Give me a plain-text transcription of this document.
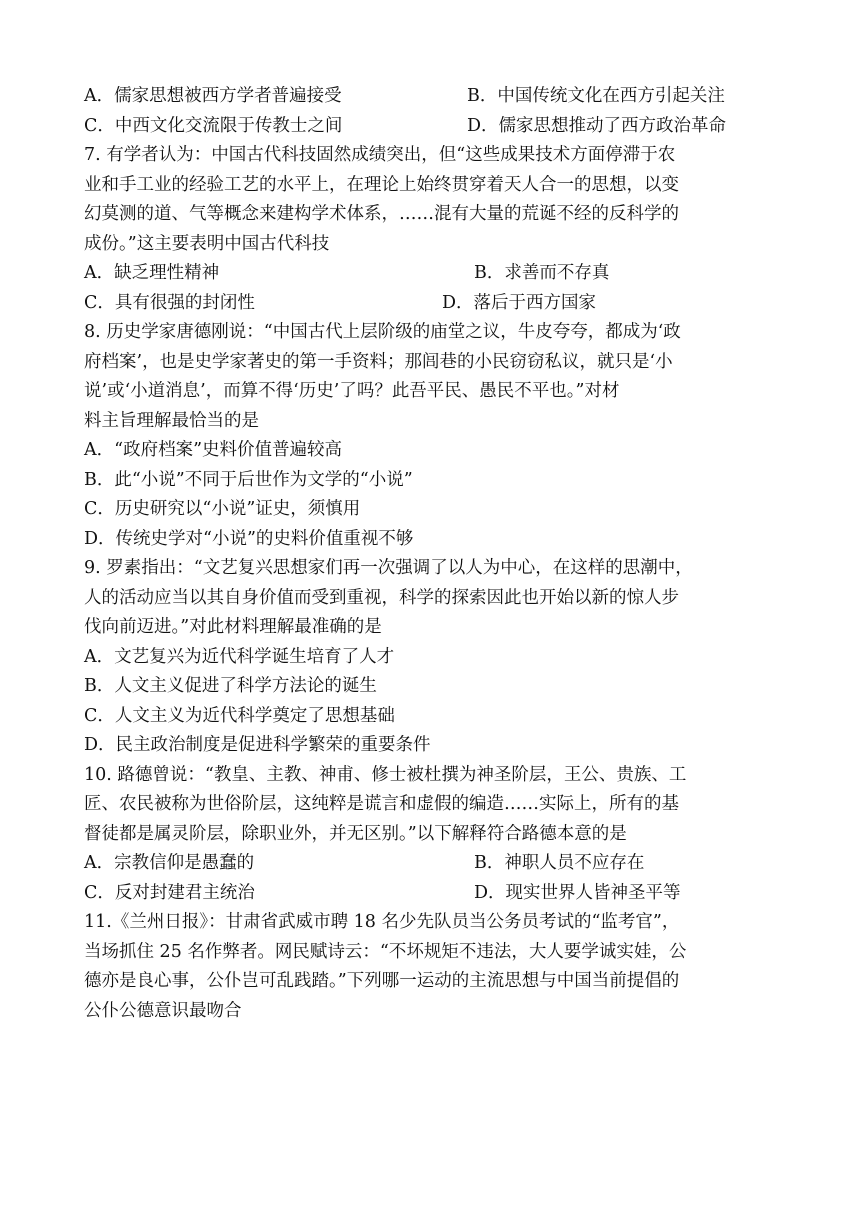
A．儒家思想被西方学者普遍接受	B．中国传统文化在西方引起关注
C．中西文化交流限于传教士之间	D．儒家思想推动了西方政治革命
7. 有学者认为：中国古代科技固然成绩突出，但“这些成果技术方面停滞于农
业和手工业的经验工艺的水平上，在理论上始终贯穿着天人合一的思想，以变
幻莫测的道、气等概念来建构学术体系，……混有大量的荒诞不经的反科学的
成份。”这主要表明中国古代科技
A．缺乏理性精神	B．求善而不存真
C．具有很强的封闭性	D．落后于西方国家
8. 历史学家唐德刚说：“中国古代上层阶级的庙堂之议，牛皮夸夸，都成为‘政
府档案’，也是史学家著史的第一手资料；那闾巷的小民窃窃私议，就只是‘小
说’或‘小道消息’，而算不得‘历史’了吗？此吾平民、愚民不平也。”对材
料主旨理解最恰当的是
A．“政府档案”史料价值普遍较高
B．此“小说”不同于后世作为文学的“小说”
C．历史研究以“小说”证史，须慎用
D．传统史学对“小说”的史料价值重视不够
9. 罗素指出：“文艺复兴思想家们再一次强调了以人为中心，在这样的思潮中，
人的活动应当以其自身价值而受到重视，科学的探索因此也开始以新的惊人步
伐向前迈进。”对此材料理解最准确的是
A．文艺复兴为近代科学诞生培育了人才
B．人文主义促进了科学方法论的诞生
C．人文主义为近代科学奠定了思想基础
D．民主政治制度是促进科学繁荣的重要条件
10. 路德曾说：“教皇、主教、神甫、修士被杜撰为神圣阶层，王公、贵族、工
匠、农民被称为世俗阶层，这纯粹是谎言和虚假的编造……实际上，所有的基
督徒都是属灵阶层，除职业外，并无区别。”以下解释符合路德本意的是
A．宗教信仰是愚蠢的	B．神职人员不应存在
C．反对封建君主统治	D．现实世界人皆神圣平等
11.《兰州日报》：甘肃省武威市聘 18 名少先队员当公务员考试的“监考官”，
当场抓住 25 名作弊者。网民赋诗云：“不坏规矩不违法，大人要学诚实娃，公
德亦是良心事，公仆岂可乱践踏。”下列哪一运动的主流思想与中国当前提倡的
公仆公德意识最吻合
